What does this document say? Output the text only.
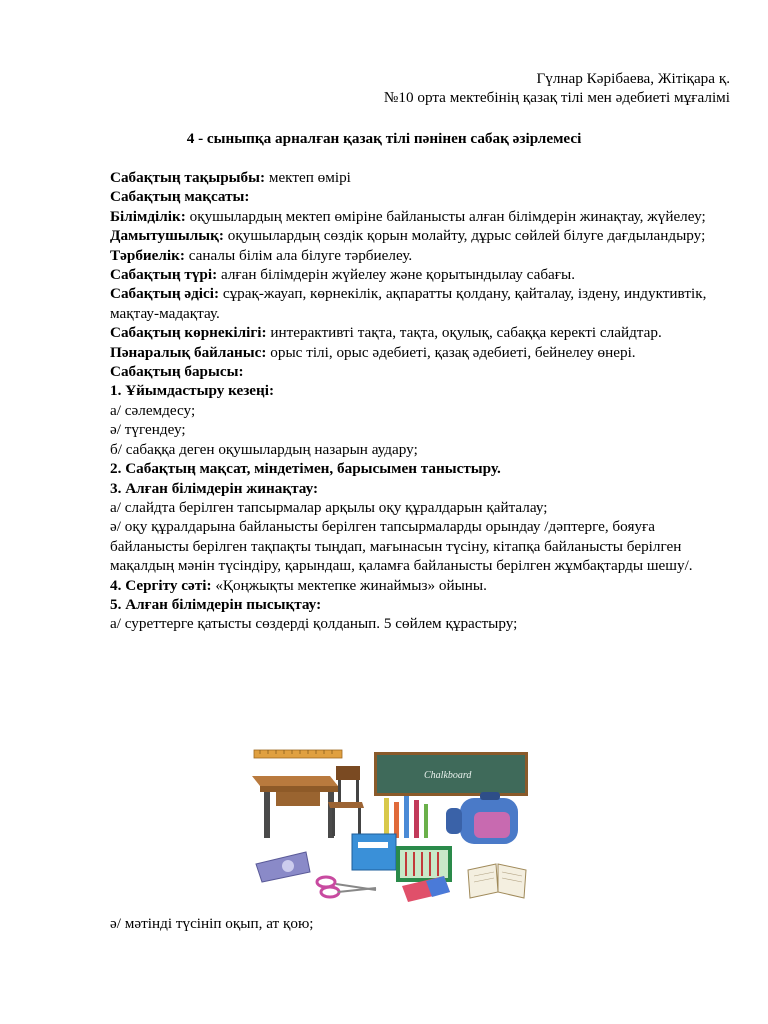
Гүлнар Кәрібаева, Жітіқара қ.
№10 орта мектебінің қазақ тілі мен әдебиеті мұғалімі
4 - сыныпқа арналған қазақ тілі пәнінен сабақ әзірлемесі

Сабақтың тақырыбы: мектеп өмірі

Сабақтың мақсаты:

Білімділік: оқушылардың мектеп өміріне байланысты алған білімдерін жинақтау, жүйелеу;

Дамытушылық: оқушылардың сөздік қорын молайту, дұрыс сөйлей білуге дағдыландыру;

Тәрбиелік: саналы білім ала білуге тәрбиелеу.

Сабақтың түрі: алған білімдерін жүйелеу және қорытындылау сабағы.

Сабақтың әдісі: сұрақ-жауап, көрнекілік, ақпаратты қолдану, қайталау, іздену, индуктивтік, мақтау-мадақтау.

Сабақтың көрнекілігі: интерактивті тақта, тақта, оқулық, сабаққа керекті слайдтар.

Пәнаралық байланыс: орыс тілі, орыс әдебиеті, қазақ әдебиеті, бейнелеу өнері.

Сабақтың барысы:

1. Ұйымдастыру кезеңі:

а/ сәлемдесу;

ә/ түгендеу;

б/ сабаққа деген оқушылардың назарын аудару;

2. Сабақтың мақсат, міндетімен, барысымен таныстыру.

3. Алған білімдерін жинақтау:

а/ слайдта берілген тапсырмалар арқылы оқу құралдарын қайталау;

ә/ оқу құралдарына байланысты берілген тапсырмаларды орындау /дәптерге, бояуға байланысты берілген тақпақты тыңдап, мағынасын түсіну, кітапқа байланысты берілген мақалдың мәнін түсіндіру, қарындаш, қаламға байланысты берілген жұмбақтарды шешу/.

4. Сергіту сәті: «Қоңжықты мектепке жинаймыз» ойыны.

5. Алған білімдерін пысықтау:

а/ суреттерге қатысты сөздерді қолданып. 5 сөйлем құрастыру;

Chalkboard

ә/ мәтінді түсініп оқып, ат қою;
